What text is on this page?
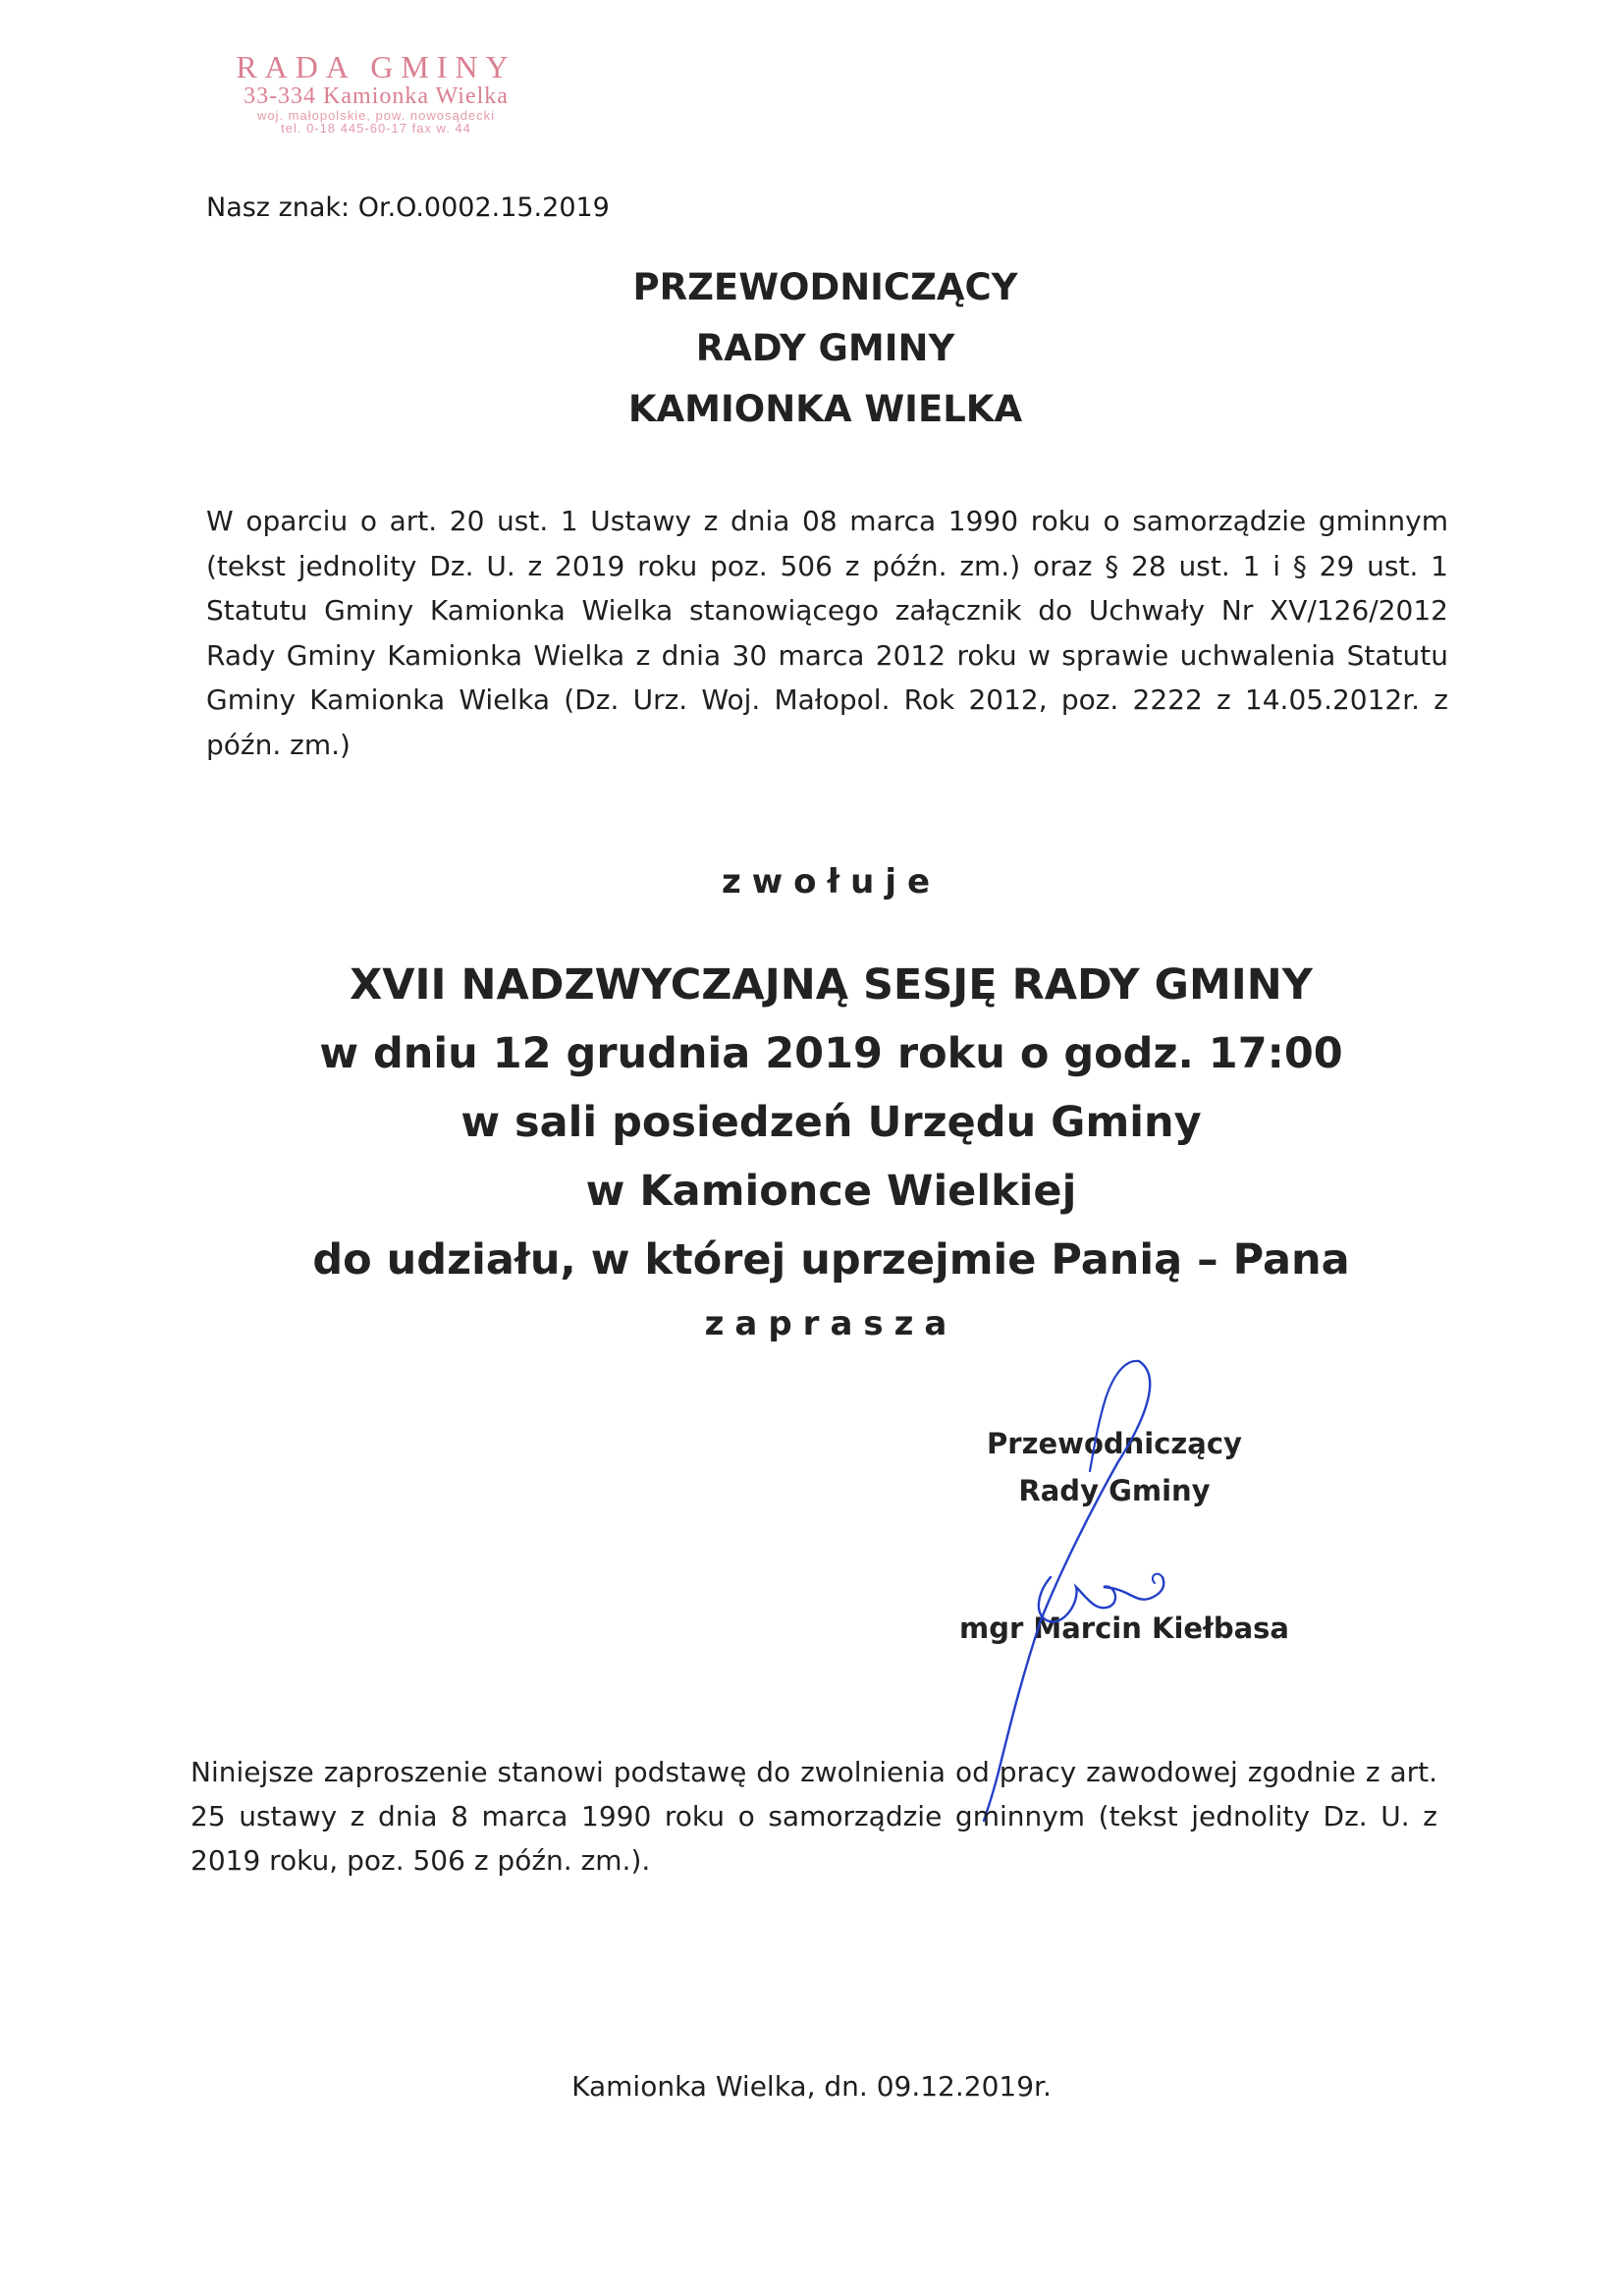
RADA GMINY
33-334 Kamionka Wielka
woj. małopolskie, pow. nowosądecki
tel. 0-18 445-60-17 fax w. 44
Nasz znak: Or.O.0002.15.2019
PRZEWODNICZĄCY
RADY GMINY
KAMIONKA WIELKA
W oparciu o art. 20 ust. 1 Ustawy z dnia 08 marca 1990 roku o samorządzie gminnym (tekst jednolity Dz. U. z 2019 roku poz. 506 z późn. zm.) oraz § 28 ust. 1 i § 29 ust. 1 Statutu Gminy Kamionka Wielka stanowiącego załącznik do Uchwały Nr XV/126/2012 Rady Gminy Kamionka Wielka z dnia 30 marca 2012 roku w sprawie uchwalenia Statutu Gminy Kamionka Wielka (Dz. Urz. Woj. Małopol. Rok 2012, poz. 2222 z 14.05.2012r. z późn. zm.)
zwołuje
XVII NADZWYCZAJNĄ SESJĘ RADY GMINY
w dniu 12 grudnia 2019 roku o godz. 17:00
w sali posiedzeń Urzędu Gminy
w Kamionce Wielkiej
do udziału, w której uprzejmie Panią – Pana
zaprasza
Przewodniczący
Rady Gminy
mgr Marcin Kiełbasa
Niniejsze zaproszenie stanowi podstawę do zwolnienia od pracy zawodowej zgodnie z art. 25 ustawy z dnia 8 marca 1990 roku o samorządzie gminnym (tekst jednolity Dz. U. z 2019 roku, poz. 506 z późn. zm.).
Kamionka Wielka, dn. 09.12.2019r.
